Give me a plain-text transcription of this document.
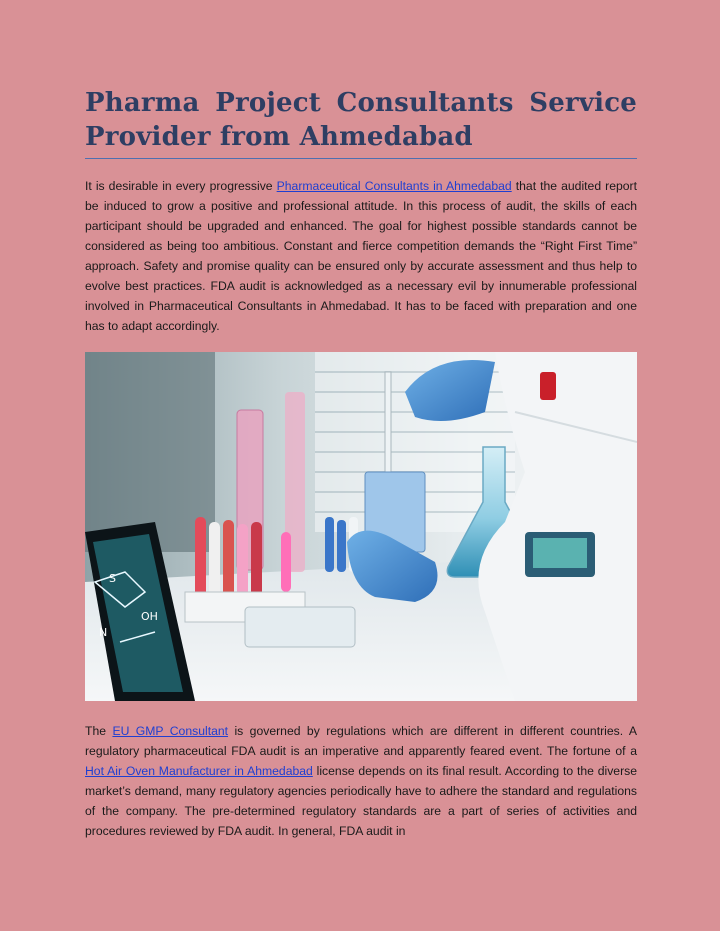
Pharma Project Consultants Service Provider from Ahmedabad

It is desirable in every progressive Pharmaceutical Consultants in Ahmedabad that the audited report be induced to grow a positive and professional attitude. In this process of audit, the skills of each participant should be upgraded and enhanced. The goal for highest possible standards cannot be considered as being too ambitious. Constant and fierce competition demands the “Right First Time” approach. Safety and promise quality can be ensured only by accurate assessment and thus help to evolve best practices. FDA audit is acknowledged as a necessary evil by innumerable professional involved in Pharmaceutical Consultants in Ahmedabad. It has to be faced with preparation and one has to adapt accordingly.

S
N
OH

The EU GMP Consultant is governed by regulations which are different in different countries. A regulatory pharmaceutical FDA audit is an imperative and apparently feared event. The fortune of a Hot Air Oven Manufacturer in Ahmedabad license depends on its final result. According to the diverse market’s demand, many regulatory agencies periodically have to adhere the standard and regulations of the company. The pre-determined regulatory standards are a part of series of activities and procedures reviewed by FDA audit. In general, FDA audit in
